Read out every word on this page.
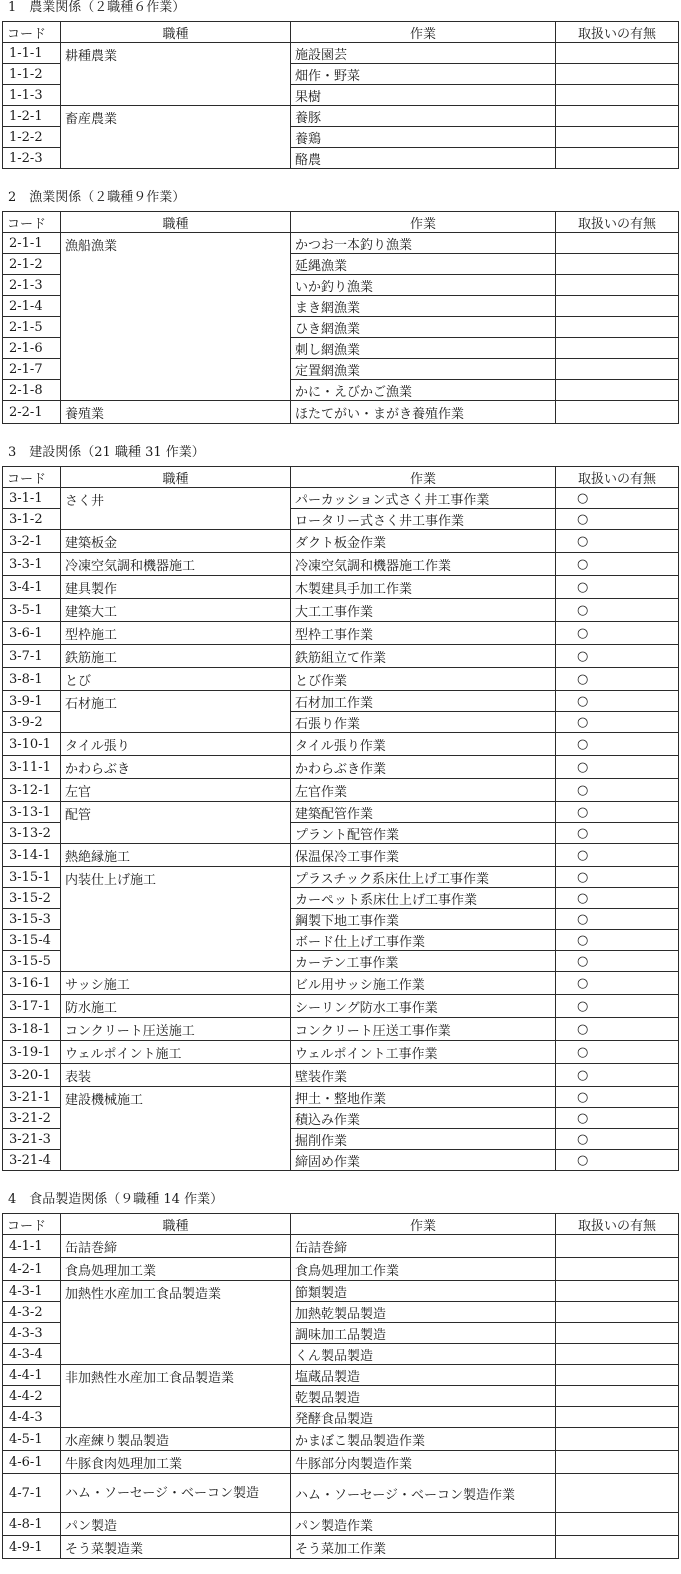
1　農業関係（２職種６作業）
コード	職種	作業	取扱いの有無
1-1-1	耕種農業	施設園芸	
1-1-2		畑作・野菜	
1-1-3		果樹	
1-2-1	畜産農業	養豚	
1-2-2		養鶏	
1-2-3		酪農	
2　漁業関係（２職種９作業）
コード	職種	作業	取扱いの有無
2-1-1	漁船漁業	かつお一本釣り漁業	
2-1-2		延縄漁業	
2-1-3		いか釣り漁業	
2-1-4		まき網漁業	
2-1-5		ひき網漁業	
2-1-6		刺し網漁業	
2-1-7		定置網漁業	
2-1-8		かに・えびかご漁業	
2-2-1	養殖業	ほたてがい・まがき養殖作業	
3　建設関係（21 職種 31 作業）
コード	職種	作業	取扱いの有無
3-1-1	さく井	パーカッション式さく井工事作業	○
3-1-2		ロータリー式さく井工事作業	○
3-2-1	建築板金	ダクト板金作業	○
3-3-1	冷凍空気調和機器施工	冷凍空気調和機器施工作業	○
3-4-1	建具製作	木製建具手加工作業	○
3-5-1	建築大工	大工工事作業	○
3-6-1	型枠施工	型枠工事作業	○
3-7-1	鉄筋施工	鉄筋組立て作業	○
3-8-1	とび	とび作業	○
3-9-1	石材施工	石材加工作業	○
3-9-2		石張り作業	○
3-10-1	タイル張り	タイル張り作業	○
3-11-1	かわらぶき	かわらぶき作業	○
3-12-1	左官	左官作業	○
3-13-1	配管	建築配管作業	○
3-13-2		プラント配管作業	○
3-14-1	熱絶縁施工	保温保冷工事作業	○
3-15-1	内装仕上げ施工	プラスチック系床仕上げ工事作業	○
3-15-2		カーペット系床仕上げ工事作業	○
3-15-3		鋼製下地工事作業	○
3-15-4		ボード仕上げ工事作業	○
3-15-5		カーテン工事作業	○
3-16-1	サッシ施工	ビル用サッシ施工作業	○
3-17-1	防水施工	シーリング防水工事作業	○
3-18-1	コンクリート圧送施工	コンクリート圧送工事作業	○
3-19-1	ウェルポイント施工	ウェルポイント工事作業	○
3-20-1	表装	壁装作業	○
3-21-1	建設機械施工	押土・整地作業	○
3-21-2		積込み作業	○
3-21-3		掘削作業	○
3-21-4		締固め作業	○
4　食品製造関係（９職種 14 作業）
コード	職種	作業	取扱いの有無
4-1-1	缶詰巻締	缶詰巻締	
4-2-1	食鳥処理加工業	食鳥処理加工作業	
4-3-1	加熱性水産加工食品製造業	節類製造	
4-3-2		加熱乾製品製造	
4-3-3		調味加工品製造	
4-3-4		くん製品製造	
4-4-1	非加熱性水産加工食品製造業	塩蔵品製造	
4-4-2		乾製品製造	
4-4-3		発酵食品製造	
4-5-1	水産練り製品製造	かまぼこ製品製造作業	
4-6-1	牛豚食肉処理加工業	牛豚部分肉製造作業	
4-7-1	ハム・ソーセージ・ベーコン製造	ハム・ソーセージ・ベーコン製造作業	
4-8-1	パン製造	パン製造作業	
4-9-1	そう菜製造業	そう菜加工作業	
